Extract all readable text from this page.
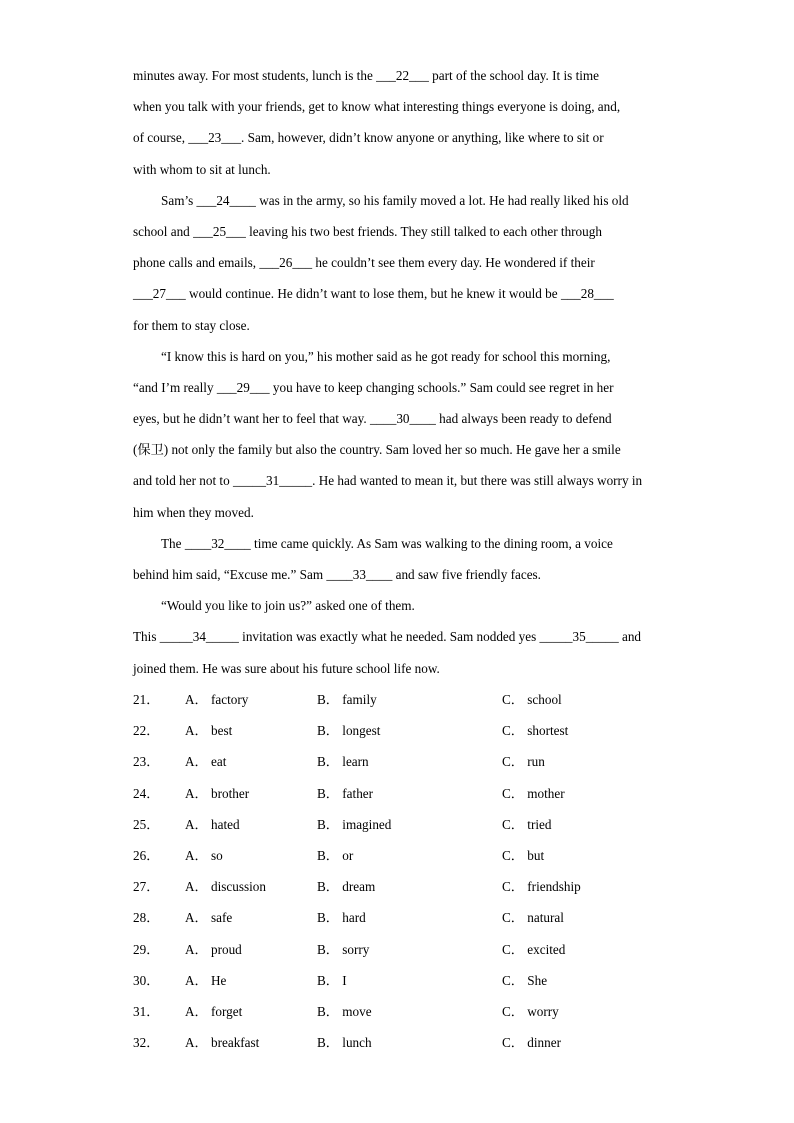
minutes away. For most students, lunch is the ___22___ part of the school day. It is time
when you talk with your friends, get to know what interesting things everyone is doing, and,
of course, ___23___. Sam, however, didn’t know anyone or anything, like where to sit or
with whom to sit at lunch.
Sam’s ___24____ was in the army, so his family moved a lot. He had really liked his old
school and ___25___ leaving his two best friends. They still talked to each other through
phone calls and emails, ___26___ he couldn’t see them every day. He wondered if their
___27___ would continue. He didn’t want to lose them, but he knew it would be ___28___
for them to stay close.
“I know this is hard on you,” his mother said as he got ready for school this morning,
“and I’m really ___29___ you have to keep changing schools.” Sam could see regret in her
eyes, but he didn’t want her to feel that way. ____30____ had always been ready to defend
(保卫) not only the family but also the country. Sam loved her so much. He gave her a smile
and told her not to _____31_____. He had wanted to mean it, but there was still always worry in
him when they moved.
The ____32____ time came quickly. As Sam was walking to the dining room, a voice
behind him said, “Excuse me.” Sam ____33____ and saw five friendly faces.
“Would you like to join us?” asked one of them.
This _____34_____ invitation was exactly what he needed. Sam nodded yes _____35_____ and
joined them. He was sure about his future school life now.
21． A． factory	B． family	C． school
22． A． best	B． longest	C． shortest
23． A． eat	B． learn	C． run
24． A． brother	B． father	C． mother
25． A． hated	B． imagined	C． tried
26． A． so	B． or	C． but
27． A． discussion	B． dream	C． friendship
28． A． safe	B． hard	C． natural
29． A． proud	B． sorry	C． excited
30． A． He	B． I	C． She
31． A． forget	B． move	C． worry
32． A． breakfast	B． lunch	C． dinner
